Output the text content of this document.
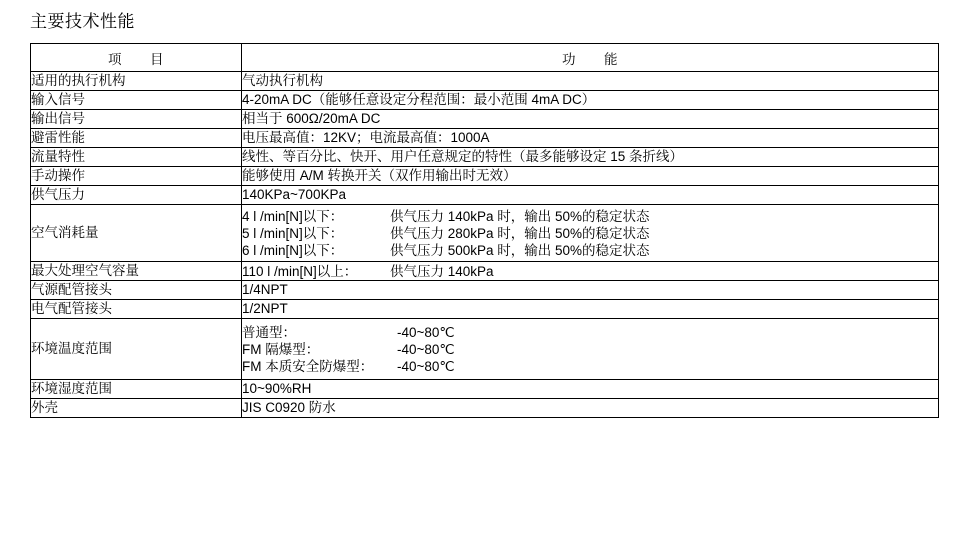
主要技术性能
项　　目	功　　能
适用的执行机构	气动执行机构
输入信号	4-20mA DC（能够任意设定分程范围：最小范围 4mA DC）
输出信号	相当于 600Ω/20mA DC
避雷性能	电压最高值：12KV；电流最高值：1000A
流量特性	线性、等百分比、快开、用户任意规定的特性（最多能够设定 15 条折线）
手动操作	能够使用 A/M 转换开关（双作用输出时无效）
供气压力	140KPa~700KPa
空气消耗量	4 l /min[N]以下： 供气压力 140kPa 时，输出 50%的稳定状态
5 l /min[N]以下： 供气压力 280kPa 时，输出 50%的稳定状态
6 l /min[N]以下： 供气压力 500kPa 时，输出 50%的稳定状态

最大处理空气容量	110 l /min[N]以上： 供气压力 140kPa

气源配管接头	1/4NPT
电气配管接头	1/2NPT
环境温度范围	普通型： -40~80℃
FM 隔爆型： -40~80℃
FM 本质安全防爆型： -40~80℃

环境湿度范围	10~90%RH
外壳	JIS C0920 防水
